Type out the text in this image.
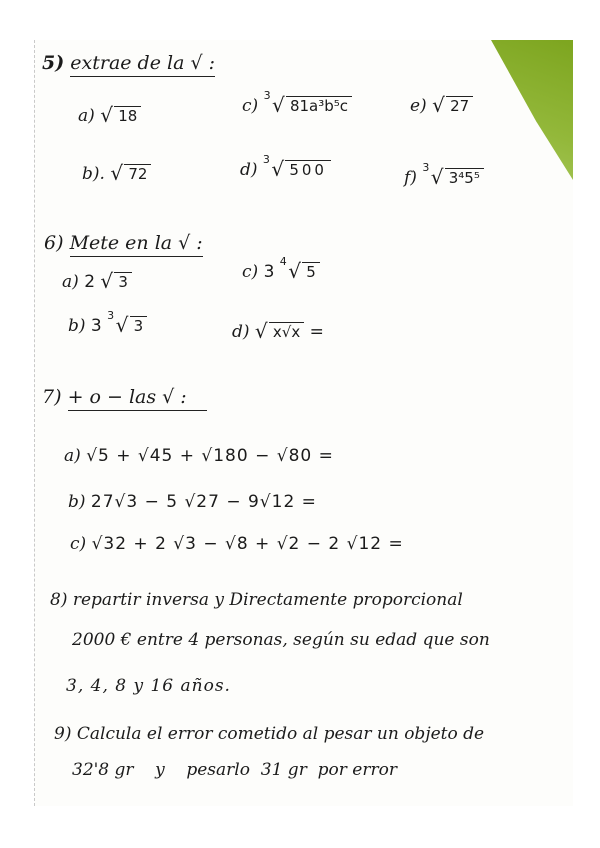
5) extrae de la √ :
a) √ 18	c) $^3$ √ 81a³b⁵c	e) √ 27
b). √ 72	d) $^3$ √ 500	f) $^3$ √ 3⁴5⁵
6) Mete en la √ :
a) 2 √ 3	c) 3 $^4$ √ 5
b) 3 $^3$ √ 3	d) √ x√x =
7) + o − las √ :
a) √5 + √45 + √180 − √80 =
b) 27√3 − 5 √27 − 9√12 =
c) √32 + 2 √3 − √8 + √2 − 2 √12 =
8) repartir inversa y Directamente proporcional
2000 € entre 4 personas, según su edad que son
3, 4, 8 y 16 años.
9) Calcula el error cometido al pesar un objeto de
32'8 gr    y    pesarlo  31 gr  por error
